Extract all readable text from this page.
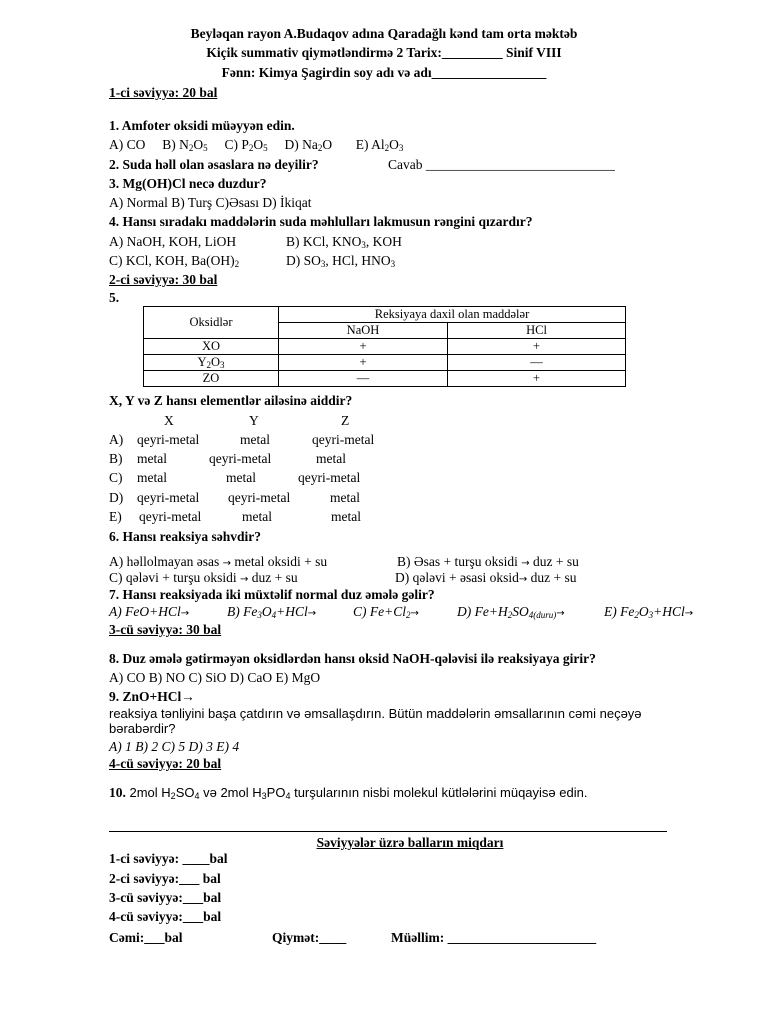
Beyləqan rayon A.Budaqov adına Qaradağlı kənd tam orta məktəb
Kiçik summativ qiymətləndirmə 2 Tarix:_________ Sinif VIII
Fənn: Kimya Şagirdin soy adı və adı_________________
1-ci səviyyə: 20 bal
1. Amfoter oksidi müəyyən edin.
A) CO B) $N_2O_5$ C) $P_2O_5$ D) $Na_2O$ E) $Al_2O_3$
2. Suda həll olan əsaslara nə deyilir?	Cavab ____________________________
3. Mg(OH)Cl necə duzdur?
A) Normal B) Turş C)Əsası D) İkiqat
4. Hansı sıradakı maddələrin suda məhlulları lakmusun rəngini qızardır?
A) NaOH, KOH, LiOH	B) KCl, $KNO_3$, KOH
C) KCl, KOH, $Ba(OH)_2$	D) $SO_3$, HCl, $HNO_3$
2-ci səviyyə: 30 bal
5.
Oksidlər	Reksiyaya daxil olan maddələr	
	NaOH	HCl
XO	+	+
$Y_2O_3$	+	—
ZO	—	+
X, Y və Z hansı elementlər ailəsinə aiddir?
X	Y	Z
A) qeyri-metal	metal	qeyri-metal
B) metal	qeyri-metal	metal
C) metal	metal	qeyri-metal
D) qeyri-metal qeyri-metal	metal
E) qeyri-metal	metal	metal
6. Hansı reaksiya səhvdir?
A) həllolmayan əsas → metal oksidi + su	B) Əsas + turşu oksidi → duz + su
C) qələvi + turşu oksidi → duz + su	D) qələvi + əsasi oksid→ duz + su
7. Hansı reaksiyada iki müxtəlif normal duz əmələ gəlir?
A) FeO+HCl→	B) $Fe_3O_4+HCl\to$	C) $Fe+Cl_2\to$	D) $Fe+H_2SO_{4(duru)}\to$	E) $Fe_2O_3+HCl\to$
3-cü səviyyə: 30 bal
8. Duz əmələ gətirməyən oksidlərdən hansı oksid NaOH-qələvisi ilə reaksiyaya girir?
A) CO B) NO C) SiO D) CaO E) MgO
9. ZnO+HCl→
reaksiya tənliyini başa çatdırın və əmsallaşdırın. Bütün maddələrin əmsallarının cəmi neçəyə
bərabərdir?
A) 1 B) 2 C) 5 D) 3 E) 4
4-cü səviyyə: 20 bal
10. 2mol $H_2SO_4$ və 2mol $H_3PO_4$ turşularının nisbi molekul kütlələrini müqayisə edin.
Səviyyələr üzrə balların miqdarı
1-ci səviyyə: ____bal
2-ci səviyyə:___ bal
3-cü səviyyə:___bal
4-cü səviyyə:___bal
Cəmi:___bal	Qiymət:____	Müəllim: ______________________
